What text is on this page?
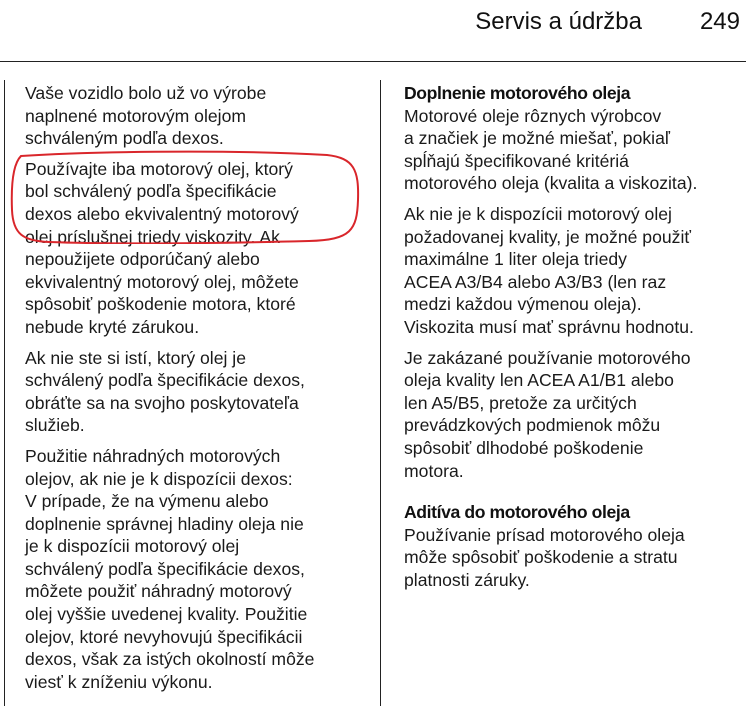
Servis a údržba	249

Vaše vozidlo bolo už vo výrobe
naplnené motorovým olejom
schváleným podľa dexos.

Používajte iba motorový olej, ktorý
bol schválený podľa špecifikácie
dexos alebo ekvivalentný motorový
olej príslušnej triedy viskozity. Ak
nepoužijete odporúčaný alebo
ekvivalentný motorový olej, môžete
spôsobiť poškodenie motora, ktoré
nebude kryté zárukou.

Ak nie ste si istí, ktorý olej je
schválený podľa špecifikácie dexos,
obráťte sa na svojho poskytovateľa
služieb.

Použitie náhradných motorových
olejov, ak nie je k dispozícii dexos:
V prípade, že na výmenu alebo
doplnenie správnej hladiny oleja nie
je k dispozícii motorový olej
schválený podľa špecifikácie dexos,
môžete použiť náhradný motorový
olej vyššie uvedenej kvality. Použitie
olejov, ktoré nevyhovujú špecifikácii
dexos, však za istých okolností môže
viesť k zníženiu výkonu.

Doplnenie motorového oleja

Motorové oleje rôznych výrobcov
a značiek je možné miešať, pokiaľ
spĺňajú špecifikované kritériá
motorového oleja (kvalita a viskozita).

Ak nie je k dispozícii motorový olej
požadovanej kvality, je možné použiť
maximálne 1 liter oleja triedy
ACEA A3/B4 alebo A3/B3 (len raz
medzi každou výmenou oleja).
Viskozita musí mať správnu hodnotu.

Je zakázané používanie motorového
oleja kvality len ACEA A1/B1 alebo
len A5/B5, pretože za určitých
prevádzkových podmienok môžu
spôsobiť dlhodobé poškodenie
motora.

Aditíva do motorového oleja

Používanie prísad motorového oleja
môže spôsobiť poškodenie a stratu
platnosti záruky.
